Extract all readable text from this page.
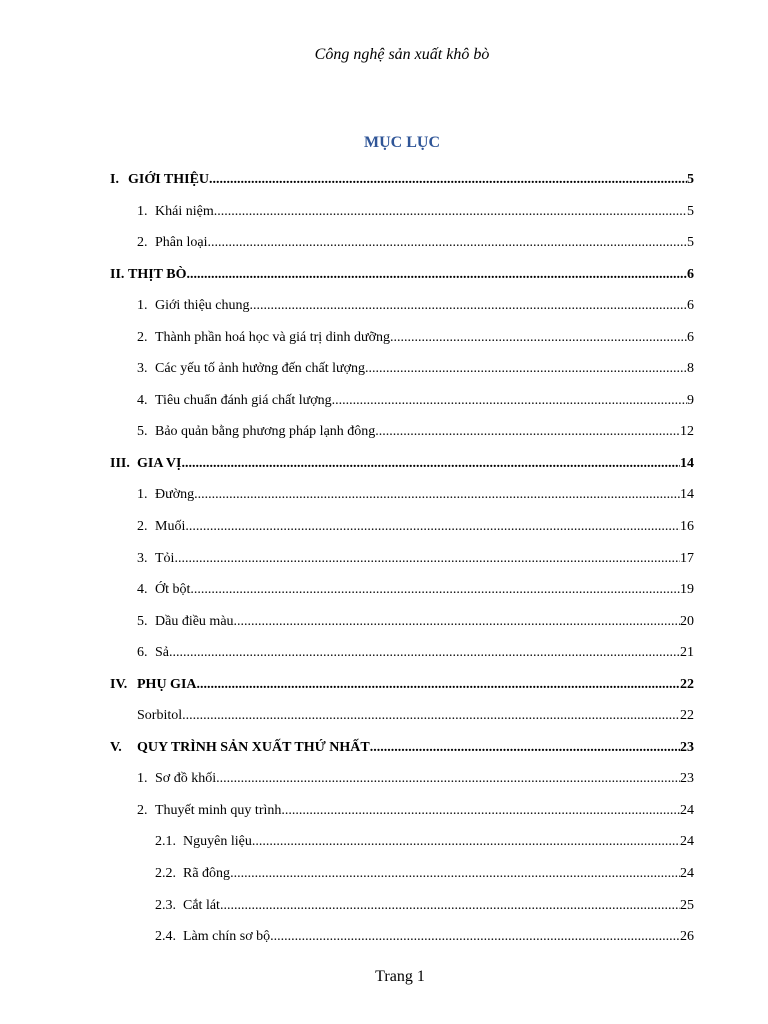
Công nghệ sản xuất khô bò
MỤC LỤC
I. GIỚI THIỆU .....	5
1. Khái niệm .....	5
2. Phân loại .....	5
II. THỊT BÒ .....	6
1. Giới thiệu chung .....	6
2. Thành phần hoá học và giá trị dinh dưỡng .....	6
3. Các yếu tố ảnh hưởng đến chất lượng .....	8
4. Tiêu chuẩn đánh giá chất lượng .....	9
5. Bảo quản bằng phương pháp lạnh đông .....	12
III. GIA VỊ .....	14
1. Đường .....	14
2. Muối .....	16
3. Tỏi .....	17
4. Ớt bột .....	19
5. Dầu điều màu .....	20
6. Sả .....	21
IV. PHỤ GIA .....	22
Sorbitol .....	22
V.	QUY TRÌNH SẢN XUẤT THỨ NHẤT .....	23
1. Sơ đồ khối .....	23
2. Thuyết minh quy trình .....	24
2.1. Nguyên liệu .....	24
2.2. Rã đông .....	24
2.3. Cắt lát .....	25
2.4. Làm chín sơ bộ .....	26
Trang 1
